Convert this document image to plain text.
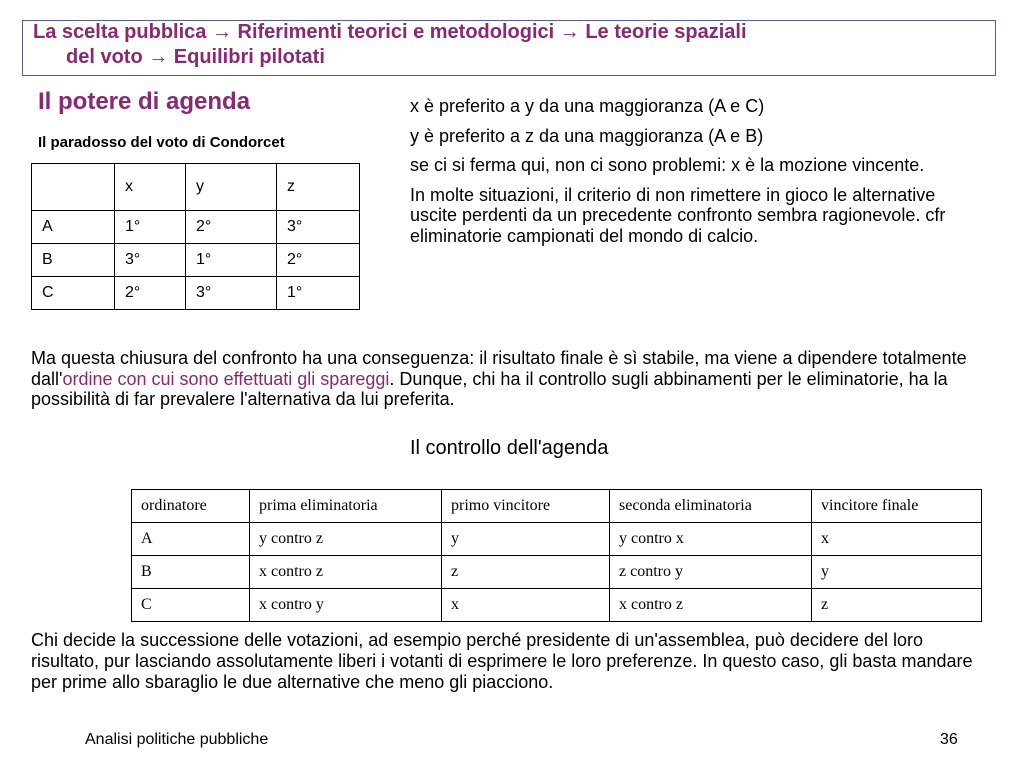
La scelta pubblica → Riferimenti teorici e metodologici → Le teorie spaziali
del voto → Equilibri pilotati
Il potere di agenda
Il paradosso del voto di Condorcet
	x	y	z
A	1°	2°	3°
B	3°	1°	2°
C	2°	3°	1°

x è preferito a y da una maggioranza (A e C)

y è preferito a z da una maggioranza (A e B)

se ci si ferma qui, non ci sono problemi: x è la mozione vincente.

In molte situazioni, il criterio di non rimettere in gioco le alternative uscite perdenti da un precedente confronto sembra ragionevole. cfr eliminatorie campionati del mondo di calcio.

Ma questa chiusura del confronto ha una conseguenza: il risultato finale è sì stabile, ma viene a dipendere totalmente dall'ordine con cui sono effettuati gli spareggi. Dunque, chi ha il controllo sugli abbinamenti per le eliminatorie, ha la possibilità di far prevalere l'alternativa da lui preferita.
Il controllo dell'agenda
ordinatore	prima eliminatoria	primo vincitore	seconda eliminatoria	vincitore finale
A	y contro z	y	y contro x	x
B	x contro z	z	z contro y	y
C	x contro y	x	x contro z	z
Chi decide la successione delle votazioni, ad esempio perché presidente di un'assemblea, può decidere del loro risultato, pur lasciando assolutamente liberi i votanti di esprimere le loro preferenze. In questo caso, gli basta mandare per prime allo sbaraglio le due alternative che meno gli piacciono.
Analisi politiche pubbliche	36
